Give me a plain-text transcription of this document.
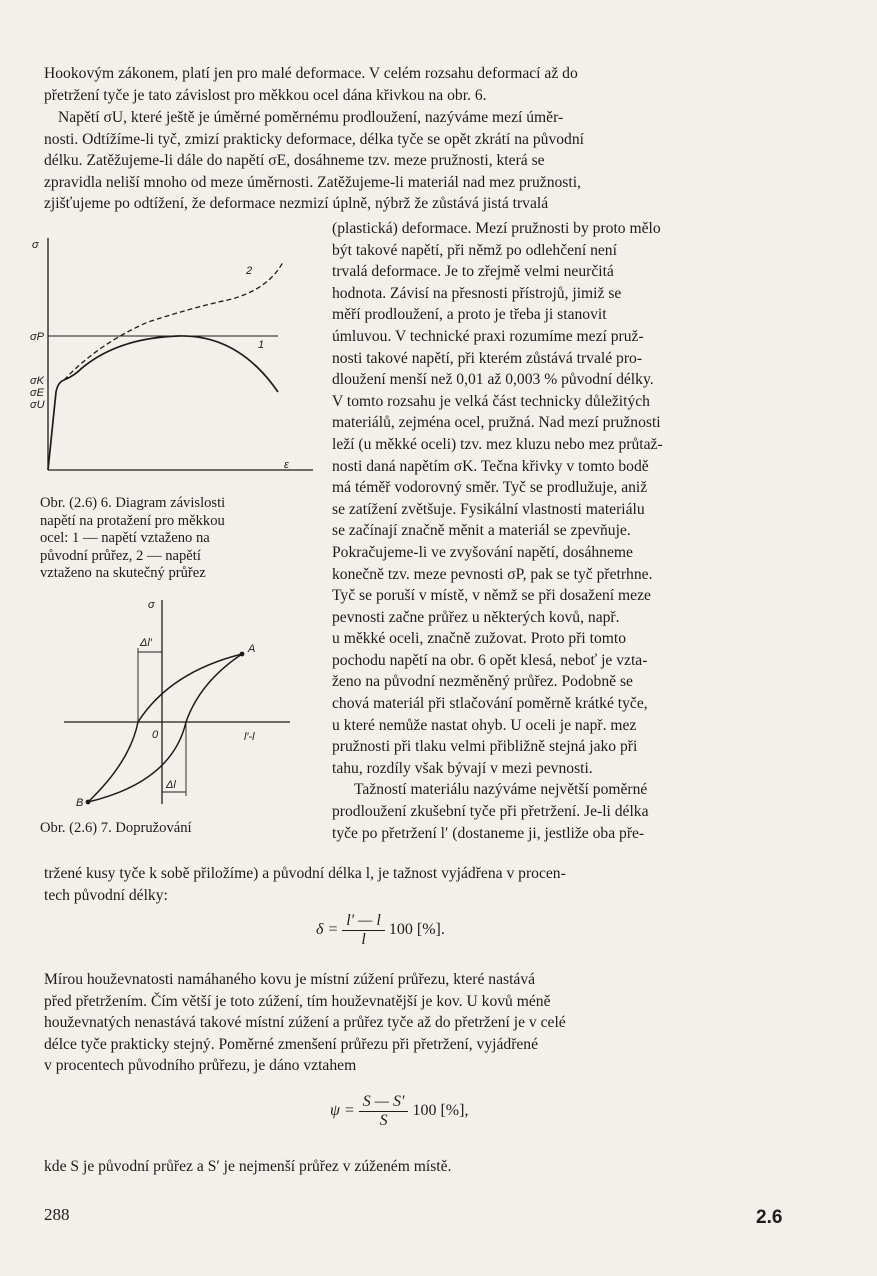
Hookovým zákonem, platí jen pro malé deformace. V celém rozsahu deformací až do
přetržení tyče je tato závislost pro měkkou ocel dána křivkou na obr. 6.
Napětí σU, které ještě je úměrné poměrnému prodloužení, nazýváme mezí úměr-
nosti. Odtížíme-li tyč, zmizí prakticky deformace, délka tyče se opět zkrátí na původní
délku. Zatěžujeme-li dále do napětí σE, dosáhneme tzv. meze pružnosti, která se
zpravidla neliší mnoho od meze úměrnosti. Zatěžujeme-li materiál nad mez pružnosti,
zjišťujeme po odtížení, že deformace nezmizí úplně, nýbrž že zůstává jistá trvalá
(plastická) deformace. Mezí pružnosti by proto mělo
být takové napětí, při němž po odlehčení není
trvalá deformace. Je to zřejmě velmi neurčitá
hodnota. Závisí na přesnosti přístrojů, jimiž se
měří prodloužení, a proto je třeba ji stanovit
úmluvou. V technické praxi rozumíme mezí pruž-
nosti takové napětí, při kterém zůstává trvalé pro-
dloužení menší než 0,01 až 0,003 % původní délky.
V tomto rozsahu je velká část technicky důležitých
materiálů, zejména ocel, pružná. Nad mezí pružnosti
leží (u měkké oceli) tzv. mez kluzu nebo mez průtaž-
nosti daná napětím σK. Tečna křivky v tomto bodě
má téměř vodorovný směr. Tyč se prodlužuje, aniž
se zatížení zvětšuje. Fysikální vlastnosti materiálu
se začínají značně měnit a materiál se zpevňuje.
Pokračujeme-li ve zvyšování napětí, dosáhneme
konečně tzv. meze pevnosti σP, pak se tyč přetrhne.
Tyč se poruší v místě, v němž se při dosažení meze
pevnosti začne průřez u některých kovů, např.
u měkké oceli, značně zužovat. Proto při tomto
pochodu napětí na obr. 6 opět klesá, neboť je vzta-
ženo na původní nezměněný průřez. Podobně se
chová materiál při stlačování poměrně krátké tyče,
u které nemůže nastat ohyb. U oceli je např. mez
pružnosti při tlaku velmi přibližně stejná jako při
tahu, rozdíly však bývají v mezi pevnosti.
Tažností materiálu nazýváme největší poměrné
prodloužení zkušební tyče při přetržení. Je-li délka
tyče po přetržení l′ (dostaneme ji, jestliže oba pře-
tržené kusy tyče k sobě přiložíme) a původní délka l, je tažnost vyjádřena v procen-
tech původní délky:
$\delta = \frac{l' — l}{l} 100$ [%].
Mírou houževnatosti namáhaného kovu je místní zúžení průřezu, které nastává
před přetržením. Čím větší je toto zúžení, tím houževnatější je kov. U kovů méně
houževnatých nenastává takové místní zúžení a průřez tyče až do přetržení je v celé
délce tyče prakticky stejný. Poměrné zmenšení průřezu při přetržení, vyjádřené
v procentech původního průřezu, je dáno vztahem
$\psi = \frac{S — S'}{S} 100$ [%],
kde S je původní průřez a S′ je nejmenší průřez v zúženém místě.
σ
σP
σK
σE
σU
ε
1
2
Obr. (2.6) 6. Diagram závislosti
napětí na protažení pro měkkou
ocel: 1 — napětí vztaženo na
původní průřez, 2 — napětí
vztaženo na skutečný průřez
σ
A
B
0	l′-l
Δl′
Δl
Obr. (2.6) 7. Dopružování
288	2.6
